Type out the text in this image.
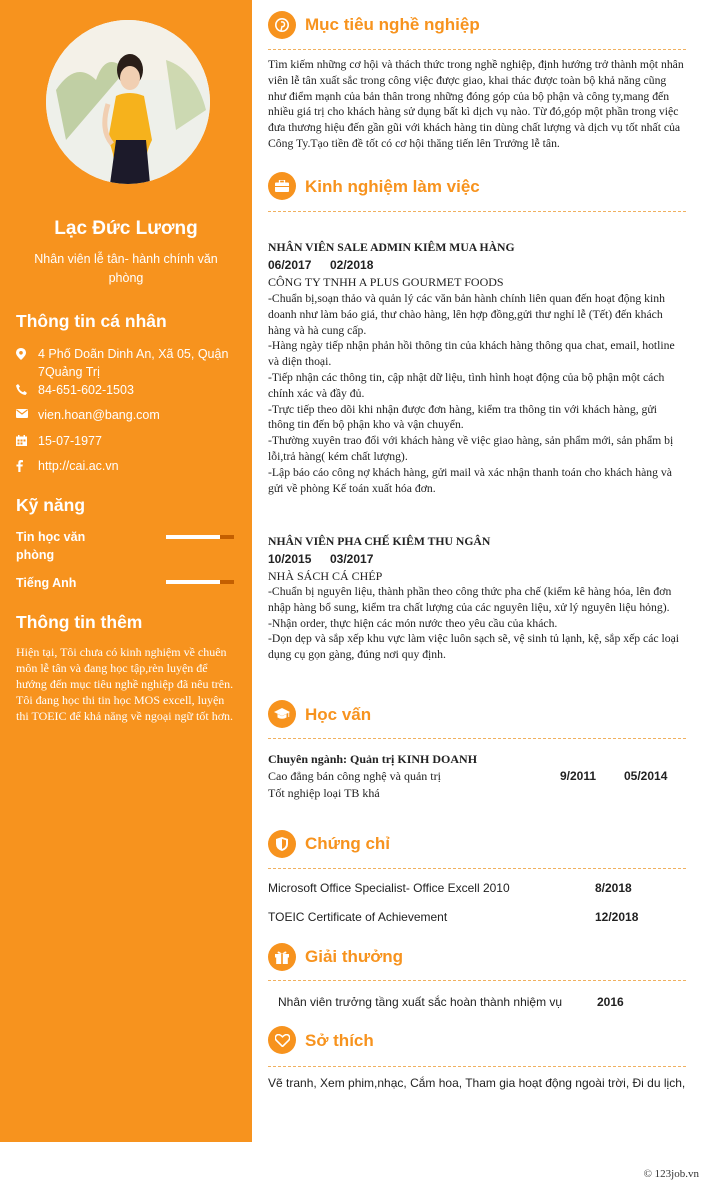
Lạc Đức Lương
Nhân viên lễ tân- hành chính văn phòng
Thông tin cá nhân
4 Phố Doãn Dinh An, Xã 05, Quận 7Quảng Trị
84-651-602-1503
vien.hoan@bang.com
15-07-1977
http://cai.ac.vn
Kỹ năng
Tin học văn phòng
Tiếng Anh
Thông tin thêm
Hiện tại, Tôi chưa có kinh nghiệm về chuên môn lễ tân và đang học tập,rèn luyện để hướng đến mục tiêu nghề nghiệp đã nêu trên. Tôi đang học thi tin học MOS excell, luyện thi TOEIC để khả năng về ngoại ngữ tốt hơn.
Mục tiêu nghề nghiệp
Tìm kiếm những cơ hội và thách thức trong nghề nghiệp, định hướng trở thành một nhân viên lễ tân xuất sắc trong công việc được giao, khai thác được toàn bộ khả năng cũng như điểm mạnh của bản thân trong những đóng góp của bộ phận và công ty,mang đến nhiều giá trị cho khách hàng sử dụng bất kì dịch vụ nào. Từ đó,góp một phần trong việc đưa thương hiệu đến gần gũi với khách hàng tin dùng chất lượng và dịch vụ tốt nhất của Công Ty.Tạo tiền đề tốt có cơ hội thăng tiến lên Trưởng lễ tân.
Kinh nghiệm làm việc
NHÂN VIÊN SALE ADMIN KIÊM MUA HÀNG
06/2017 02/2018
CÔNG TY TNHH A PLUS GOURMET FOODS
-Chuẩn bị,soạn thảo và quản lý các văn bản hành chính liên quan đến hoạt động kinh doanh như làm báo giá, thư chào hàng, lên hợp đồng,gửi thư nghỉ lễ (Tết) đến khách hàng và hà cung cấp.
-Hàng ngày tiếp nhận phản hồi thông tin của khách hàng thông qua chat, email, hotline và diện thoại.
-Tiếp nhận các thông tin, cập nhật dữ liệu, tình hình hoạt động của bộ phận một cách chính xác và đầy đủ.
-Trực tiếp theo dõi khi nhận được đơn hàng, kiểm tra thông tin với khách hàng, gửi thông tin đến bộ phận kho và vận chuyển.
-Thường xuyên trao đổi với khách hàng về việc giao hàng, sản phẩm mới, sản phẩm bị lỗi,trả hàng( kém chất lượng).
-Lập báo cáo công nợ khách hàng, gửi mail và xác nhận thanh toán cho khách hàng và gửi về phòng Kế toán xuất hóa đơn.
NHÂN VIÊN PHA CHẾ KIÊM THU NGÂN
10/2015 03/2017
NHÀ SÁCH CÁ CHÉP
-Chuẩn bị nguyên liệu, thành phần theo công thức pha chế (kiểm kê hàng hóa, lên đơn nhập hàng bổ sung, kiểm tra chất lượng của các nguyên liệu, xử lý nguyên liệu hỏng).
-Nhận order, thực hiện các món nước theo yêu cầu của khách.
-Dọn dẹp và sắp xếp khu vực làm việc luôn sạch sẽ, vệ sinh tủ lạnh, kệ, sắp xếp các loại dụng cụ gọn gàng, đúng nơi quy định.
Học vấn
Chuyên ngành: Quản trị KINH DOANH
Cao đẳng bán công nghệ và quản trị	9/2011 05/2014
Tốt nghiệp loại TB khá
Chứng chỉ
Microsoft Office Specialist- Office Excell 2010	8/2018
TOEIC Certificate of Achievement	12/2018
Giải thưởng
Nhân viên trưởng tầng xuất sắc hoàn thành nhiệm vụ	2016
Sở thích
Vẽ tranh, Xem phim,nhạc, Cắm hoa, Tham gia hoạt động ngoài trời, Đi du lịch,
© 123job.vn
